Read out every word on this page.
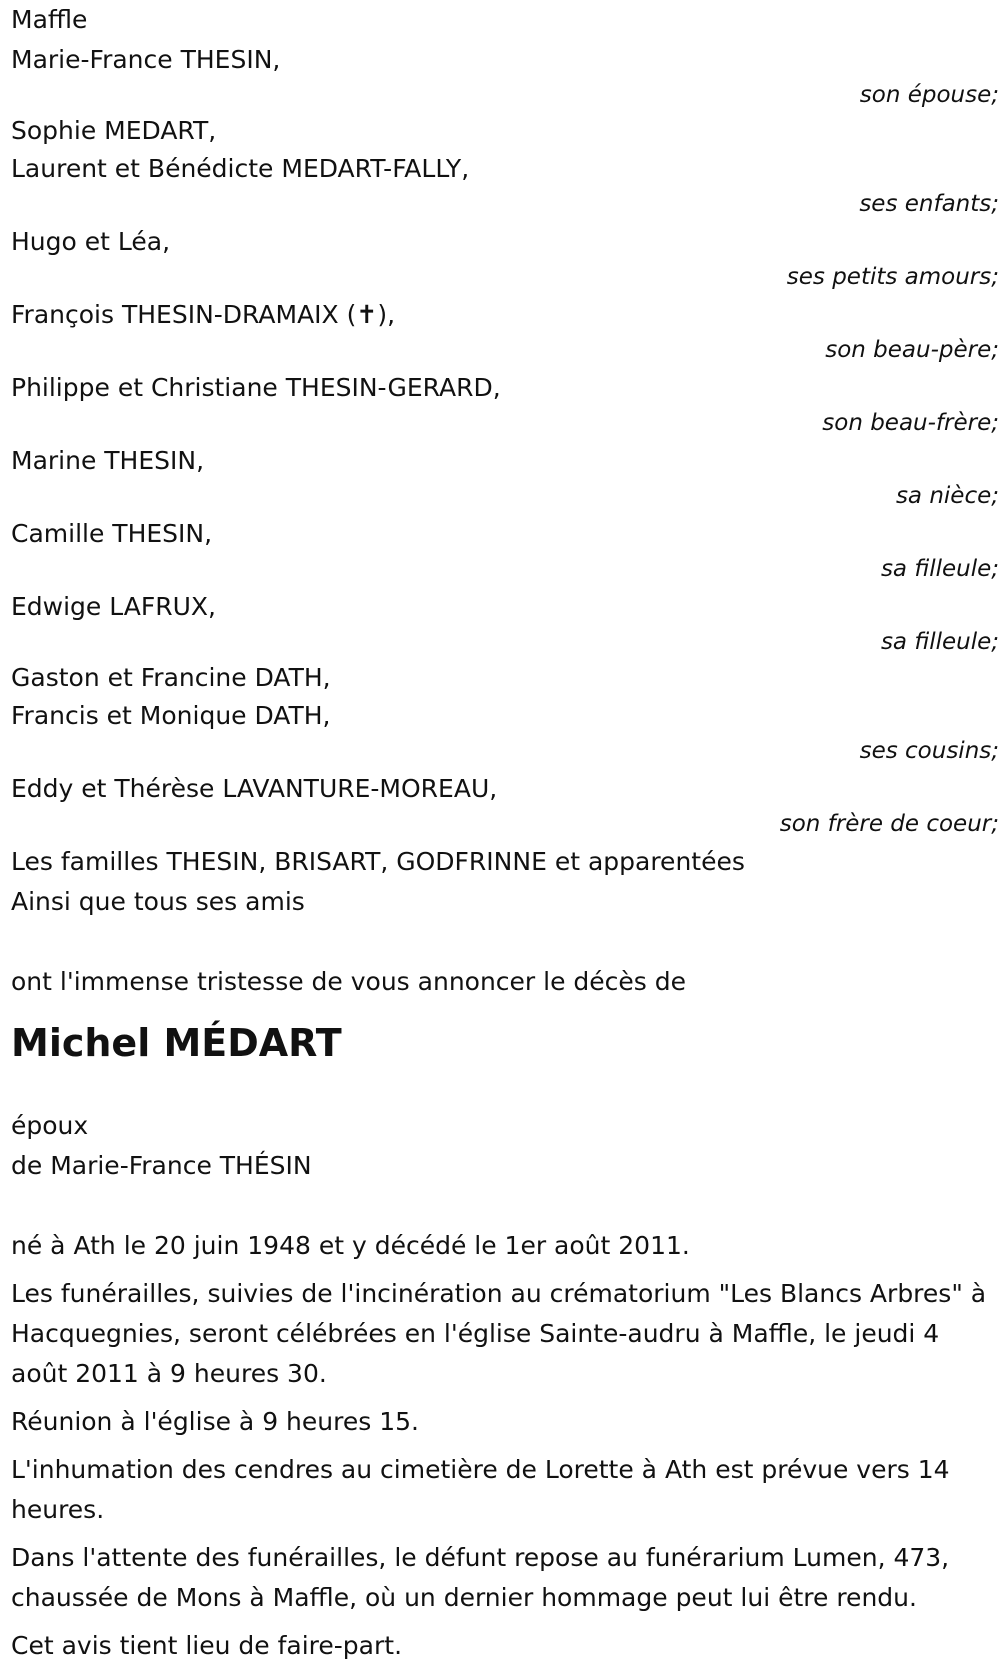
Maffle
Marie-France THESIN,
son épouse;
Sophie MEDART,
Laurent et Bénédicte MEDART-FALLY,
ses enfants;
Hugo et Léa,
ses petits amours;
François THESIN-DRAMAIX (✝),
son beau-père;
Philippe et Christiane THESIN-GERARD,
son beau-frère;
Marine THESIN,
sa nièce;
Camille THESIN,
sa filleule;
Edwige LAFRUX,
sa filleule;
Gaston et Francine DATH,
Francis et Monique DATH,
ses cousins;
Eddy et Thérèse LAVANTURE-MOREAU,
son frère de coeur;
Les familles THESIN, BRISART, GODFRINNE et apparentées
Ainsi que tous ses amis
ont l'immense tristesse de vous annoncer le décès de
Michel MÉDART
époux
de Marie-France THÉSIN
né à Ath le 20 juin 1948 et y décédé le 1er août 2011.
Les funérailles, suivies de l'incinération au crématorium "Les Blancs Arbres" à Hacquegnies, seront célébrées en l'église Sainte-audru à Maffle, le jeudi 4 août 2011 à 9 heures 30.
Réunion à l'église à 9 heures 15.
L'inhumation des cendres au cimetière de Lorette à Ath est prévue vers 14 heures.
Dans l'attente des funérailles, le défunt repose au funérarium Lumen, 473, chaussée de Mons à Maffle, où un dernier hommage peut lui être rendu.
Cet avis tient lieu de faire-part.
